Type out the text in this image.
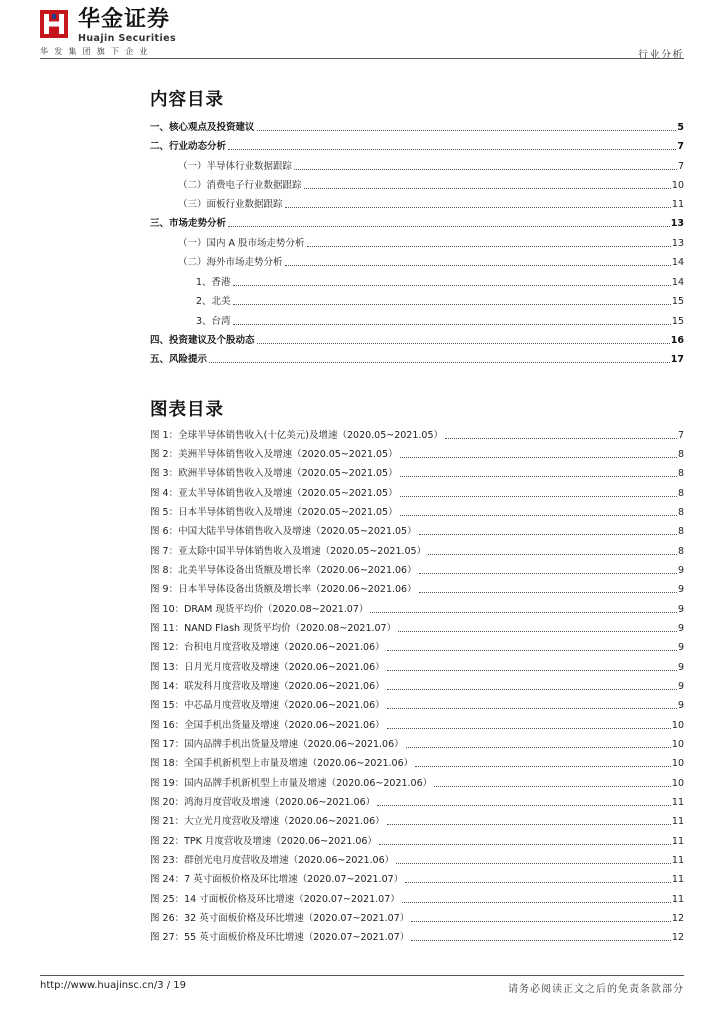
华金证券
Huajin Securities
华发集团旗下企业	行业分析
内容目录
一、核心观点及投资建议	5
二、行业动态分析	7
（一）半导体行业数据跟踪	7
（二）消费电子行业数据跟踪	10
（三）面板行业数据跟踪	11
三、市场走势分析	13
（一）国内 A 股市场走势分析	13
（二）海外市场走势分析	14
1、香港	14
2、北美	15
3、台湾	15
四、投资建议及个股动态	16
五、风险提示	17
图表目录
图 1：全球半导体销售收入(十亿美元)及增速（2020.05~2021.05）	7
图 2：美洲半导体销售收入及增速（2020.05~2021.05）	8
图 3：欧洲半导体销售收入及增速（2020.05~2021.05）	8
图 4：亚太半导体销售收入及增速（2020.05~2021.05）	8
图 5：日本半导体销售收入及增速（2020.05~2021.05）	8
图 6：中国大陆半导体销售收入及增速（2020.05~2021.05）	8
图 7：亚太除中国半导体销售收入及增速（2020.05~2021.05）	8
图 8：北美半导体设备出货额及增长率（2020.06~2021.06）	9
图 9：日本半导体设备出货额及增长率（2020.06~2021.06）	9
图 10：DRAM 现货平均价（2020.08~2021.07）	9
图 11：NAND Flash 现货平均价（2020.08~2021.07）	9
图 12：台积电月度营收及增速（2020.06~2021.06）	9
图 13：日月光月度营收及增速（2020.06~2021.06）	9
图 14：联发科月度营收及增速（2020.06~2021.06）	9
图 15：中芯晶月度营收及增速（2020.06~2021.06）	9
图 16：全国手机出货量及增速（2020.06~2021.06）	10
图 17：国内品牌手机出货量及增速（2020.06~2021.06）	10
图 18：全国手机新机型上市量及增速（2020.06~2021.06）	10
图 19：国内品牌手机新机型上市量及增速（2020.06~2021.06）	10
图 20：鸿海月度营收及增速（2020.06~2021.06）	11
图 21：大立光月度营收及增速（2020.06~2021.06）	11
图 22：TPK 月度营收及增速（2020.06~2021.06）	11
图 23：群创光电月度营收及增速（2020.06~2021.06）	11
图 24：7 英寸面板价格及环比增速（2020.07~2021.07）	11
图 25：14 寸面板价格及环比增速（2020.07~2021.07）	11
图 26：32 英寸面板价格及环比增速（2020.07~2021.07）	12
图 27：55 英寸面板价格及环比增速（2020.07~2021.07）	12
http://www.huajinsc.cn/3 / 19	请务必阅读正文之后的免责条款部分
